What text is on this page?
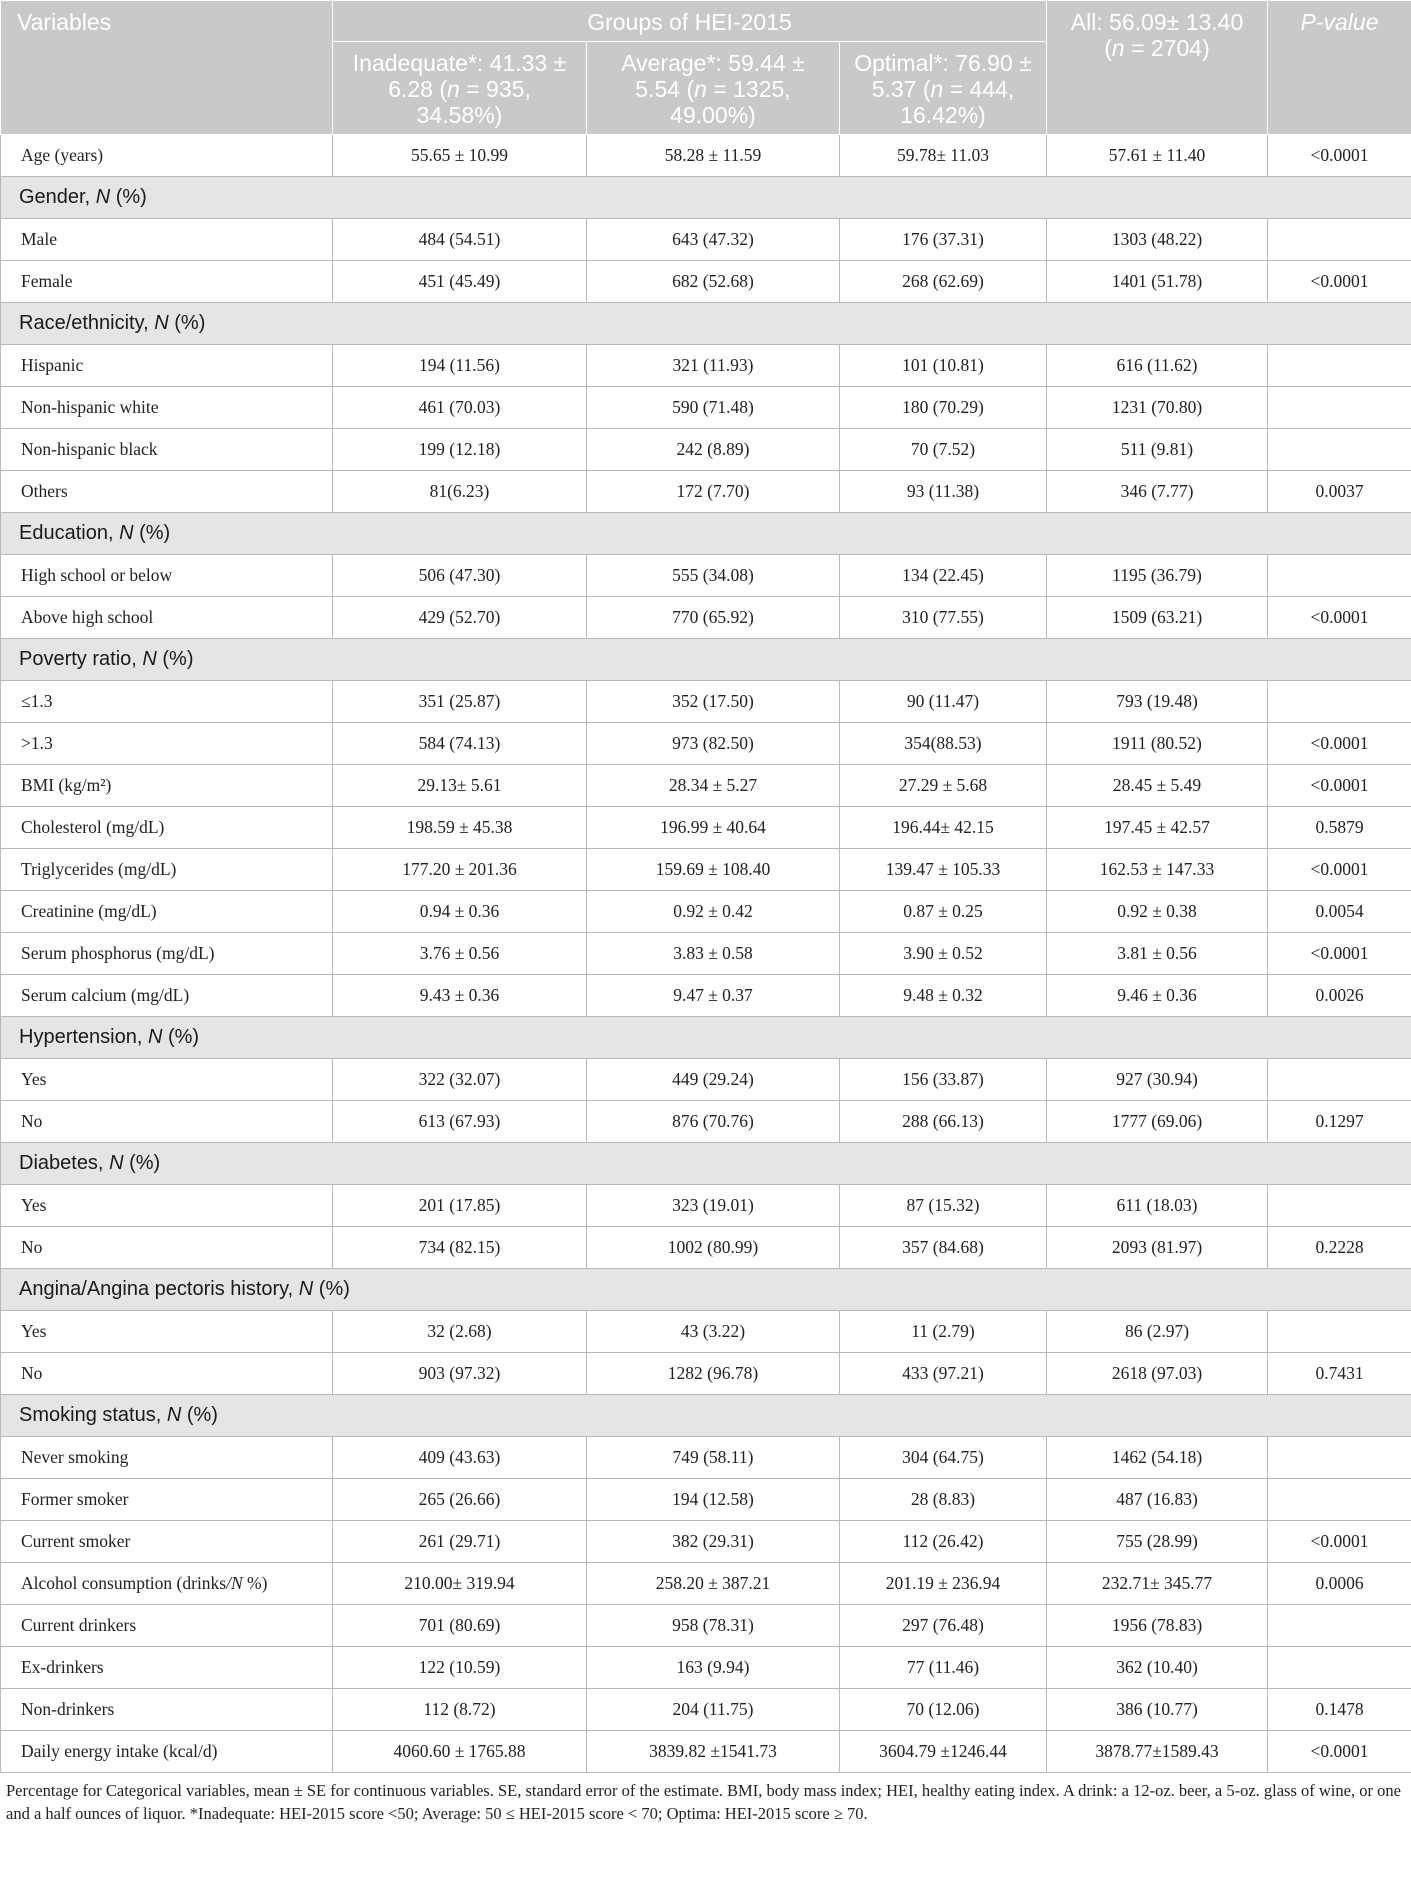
Variables	Groups of HEI-2015			All: 56.09± 13.40 (n = 2704)	P-value
	Inadequate*: 41.33 ± 6.28 (n = 935, 34.58%)	Average*: 59.44 ± 5.54 (n = 1325, 49.00%)	Optimal*: 76.90 ± 5.37 (n = 444, 16.42%)		
Age (years)	55.65 ± 10.99	58.28 ± 11.59	59.78± 11.03	57.61 ± 11.40	<0.0001
Gender, N (%)					
Male	484 (54.51)	643 (47.32)	176 (37.31)	1303 (48.22)	
Female	451 (45.49)	682 (52.68)	268 (62.69)	1401 (51.78)	<0.0001
Race/ethnicity, N (%)					
Hispanic	194 (11.56)	321 (11.93)	101 (10.81)	616 (11.62)	
Non-hispanic white	461 (70.03)	590 (71.48)	180 (70.29)	1231 (70.80)	
Non-hispanic black	199 (12.18)	242 (8.89)	70 (7.52)	511 (9.81)	
Others	81(6.23)	172 (7.70)	93 (11.38)	346 (7.77)	0.0037
Education, N (%)					
High school or below	506 (47.30)	555 (34.08)	134 (22.45)	1195 (36.79)	
Above high school	429 (52.70)	770 (65.92)	310 (77.55)	1509 (63.21)	<0.0001
Poverty ratio, N (%)					
≤1.3	351 (25.87)	352 (17.50)	90 (11.47)	793 (19.48)	
>1.3	584 (74.13)	973 (82.50)	354(88.53)	1911 (80.52)	<0.0001
BMI (kg/m²)	29.13± 5.61	28.34 ± 5.27	27.29 ± 5.68	28.45 ± 5.49	<0.0001
Cholesterol (mg/dL)	198.59 ± 45.38	196.99 ± 40.64	196.44± 42.15	197.45 ± 42.57	0.5879
Triglycerides (mg/dL)	177.20 ± 201.36	159.69 ± 108.40	139.47 ± 105.33	162.53 ± 147.33	<0.0001
Creatinine (mg/dL)	0.94 ± 0.36	0.92 ± 0.42	0.87 ± 0.25	0.92 ± 0.38	0.0054
Serum phosphorus (mg/dL)	3.76 ± 0.56	3.83 ± 0.58	3.90 ± 0.52	3.81 ± 0.56	<0.0001
Serum calcium (mg/dL)	9.43 ± 0.36	9.47 ± 0.37	9.48 ± 0.32	9.46 ± 0.36	0.0026
Hypertension, N (%)					
Yes	322 (32.07)	449 (29.24)	156 (33.87)	927 (30.94)	
No	613 (67.93)	876 (70.76)	288 (66.13)	1777 (69.06)	0.1297
Diabetes, N (%)					
Yes	201 (17.85)	323 (19.01)	87 (15.32)	611 (18.03)	
No	734 (82.15)	1002 (80.99)	357 (84.68)	2093 (81.97)	0.2228
Angina/Angina pectoris history, N (%)					
Yes	32 (2.68)	43 (3.22)	11 (2.79)	86 (2.97)	
No	903 (97.32)	1282 (96.78)	433 (97.21)	2618 (97.03)	0.7431
Smoking status, N (%)					
Never smoking	409 (43.63)	749 (58.11)	304 (64.75)	1462 (54.18)	
Former smoker	265 (26.66)	194 (12.58)	28 (8.83)	487 (16.83)	
Current smoker	261 (29.71)	382 (29.31)	112 (26.42)	755 (28.99)	<0.0001
Alcohol consumption (drinks/N %)	210.00± 319.94	258.20 ± 387.21	201.19 ± 236.94	232.71± 345.77	0.0006
Current drinkers	701 (80.69)	958 (78.31)	297 (76.48)	1956 (78.83)	
Ex-drinkers	122 (10.59)	163 (9.94)	77 (11.46)	362 (10.40)	
Non-drinkers	112 (8.72)	204 (11.75)	70 (12.06)	386 (10.77)	0.1478
Daily energy intake (kcal/d)	4060.60 ± 1765.88	3839.82 ±1541.73	3604.79 ±1246.44	3878.77±1589.43	<0.0001
Percentage for Categorical variables, mean ± SE for continuous variables. SE, standard error of the estimate. BMI, body mass index; HEI, healthy eating index. A drink: a 12-oz. beer, a 5-oz. glass of wine, or one and a half ounces of liquor. *Inadequate: HEI-2015 score <50; Average: 50 ≤ HEI-2015 score < 70; Optima: HEI-2015 score ≥ 70.
